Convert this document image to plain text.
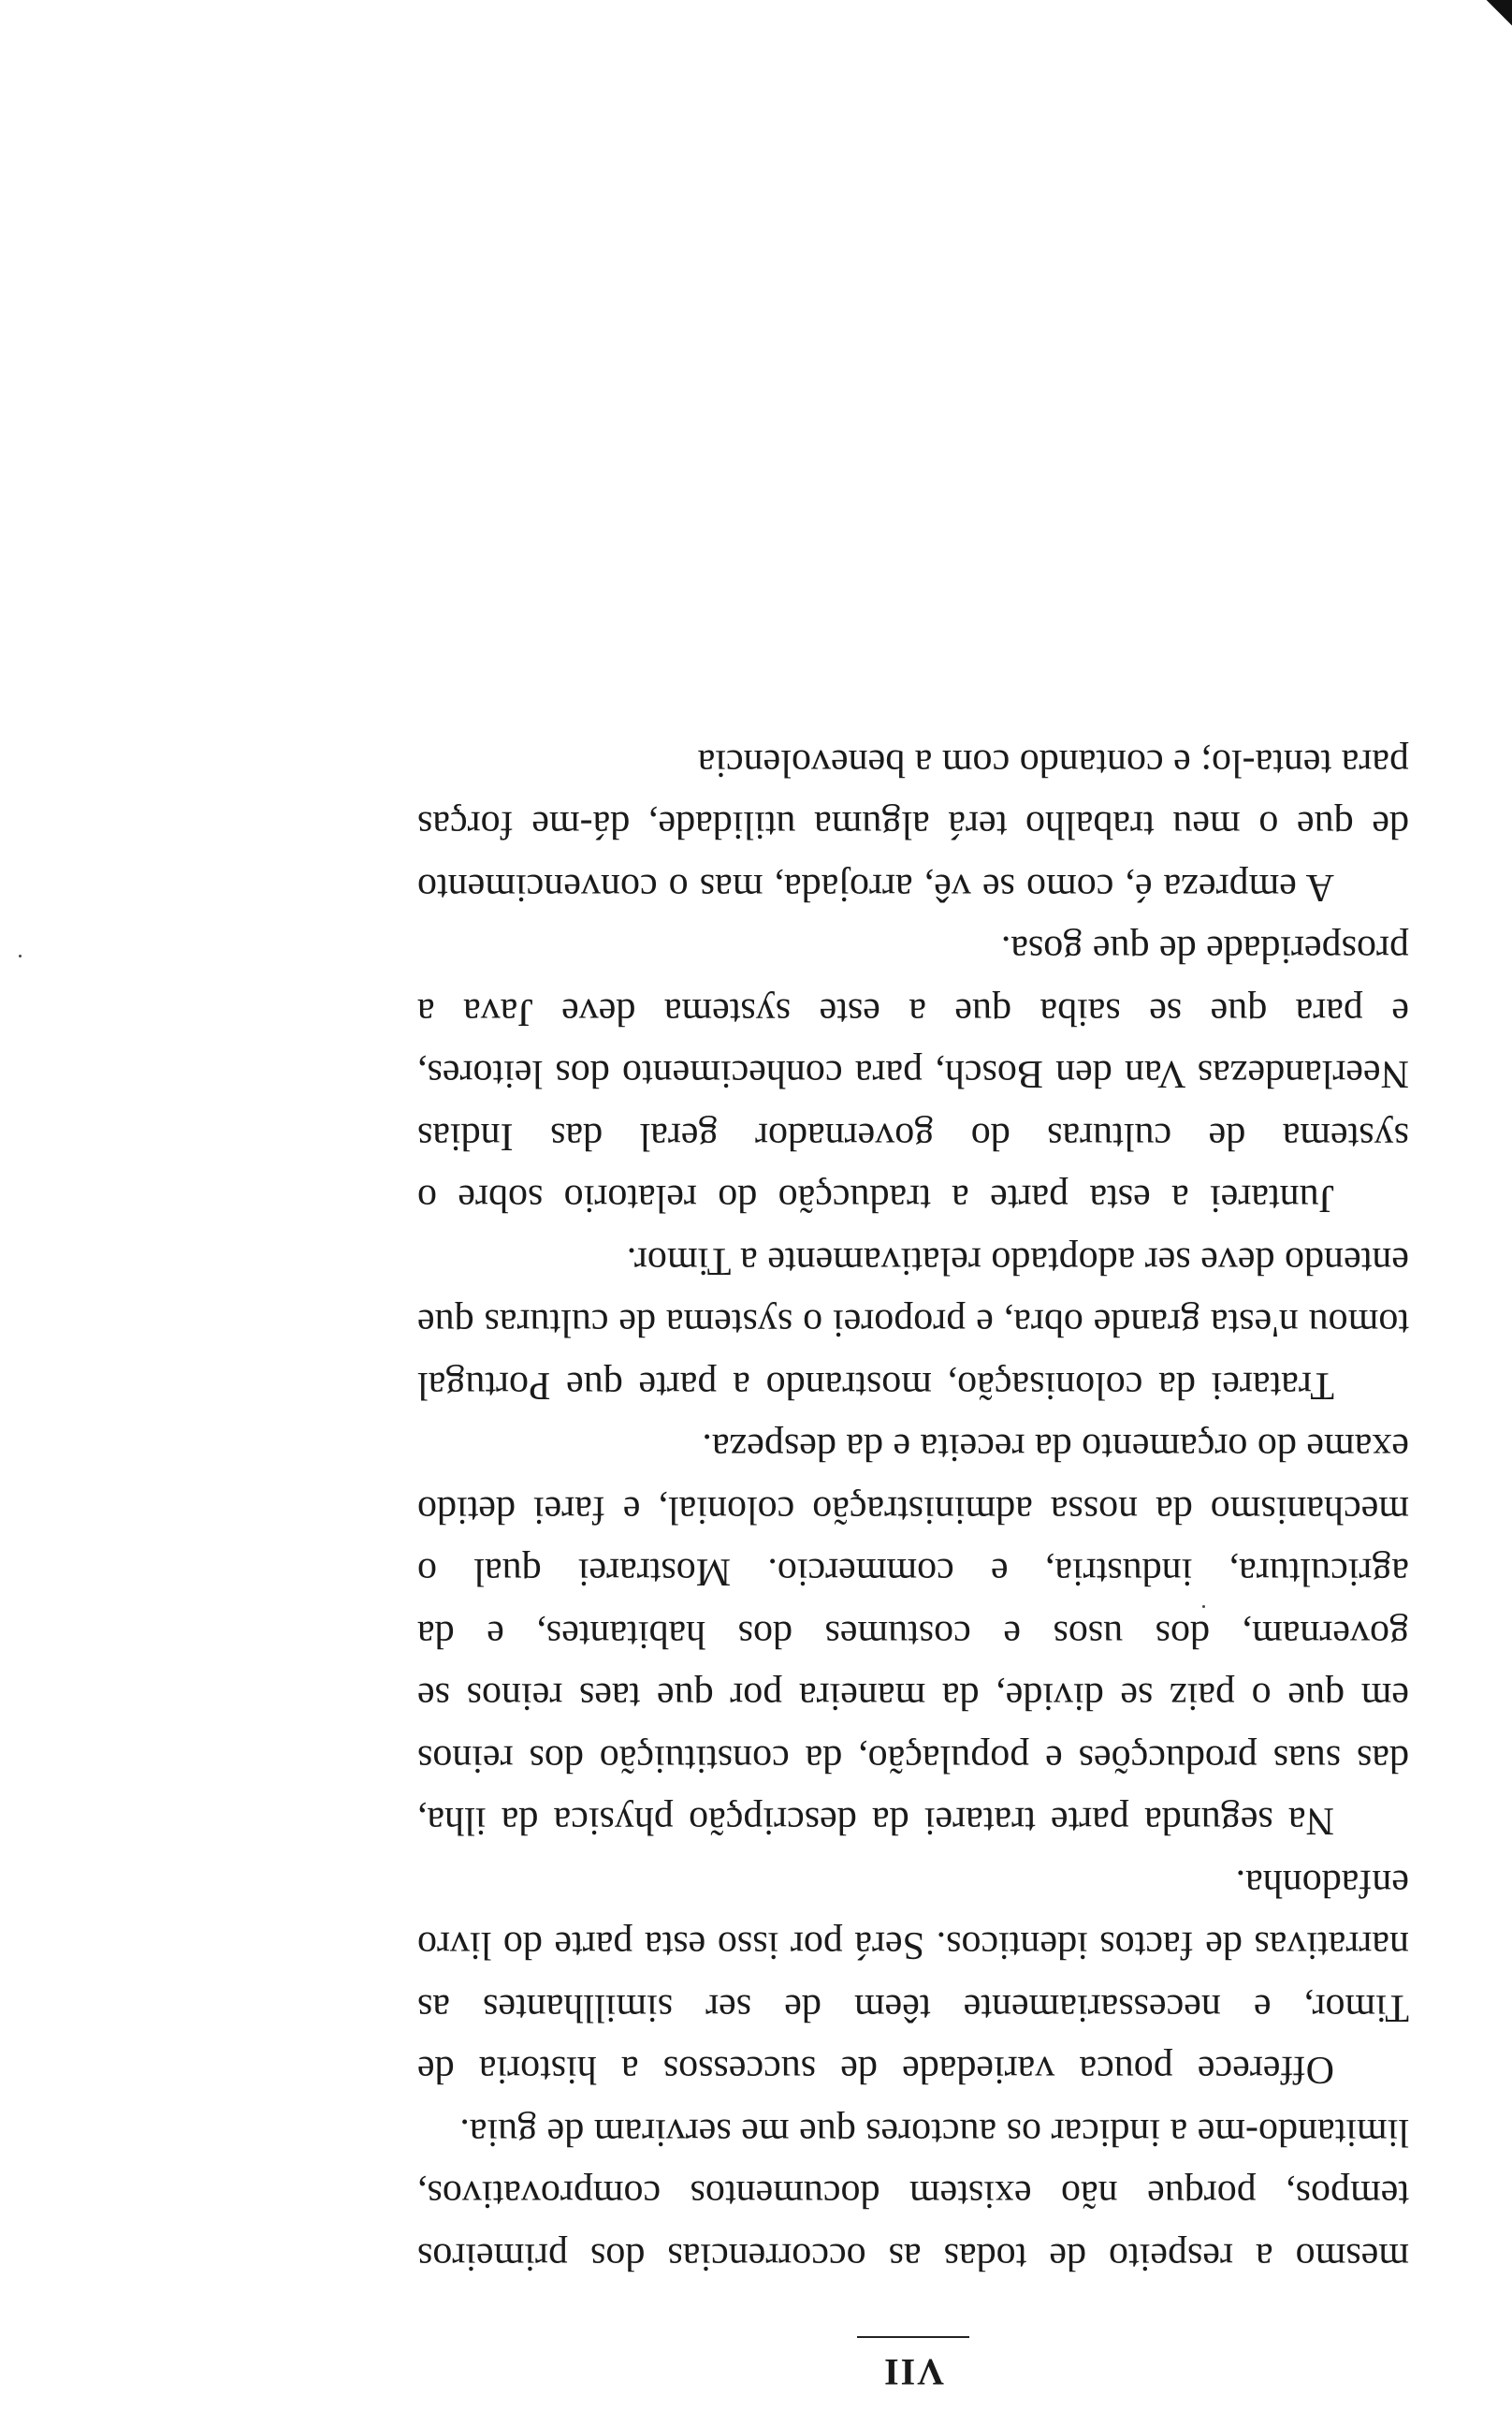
VII

mesmo a respeito de todas as occorrencias dos primeiros tempos, porque não existem documentos comprovativos, limitando-me a indicar os auctores que me serviram de guia.

Offerece pouca variedade de successos a historia de Timor, e necessariamente têem de ser simillhantes as narrativas de factos identicos. Será por isso esta parte do livro enfadonha.

Na segunda parte tratarei da descripção physica da ilha, das suas producções e população, da constituição dos reinos em que o paiz se divide, da maneira por que taes reinos se governam, dos usos e costumes dos habitantes, e da agricultura, industria, e commercio. Mostrarei qual o mechanismo da nossa administração colonial, e farei detido exame do orçamento da receita e da despeza.

Tratarei da colonisação, mostrando a parte que Portugal tomou n'esta grande obra, e proporei o systema de culturas que entendo deve ser adoptado relativamente a Timor.

Juntarei a esta parte a traducção do relatorio sobre o systema de culturas do governador geral das Indias Neerlandezas Van den Bosch, para conhecimento dos leitores, e para que se saiba que a este systema deve Java a prosperidade de que gosa.

A empreza é, como se vê, arrojada, mas o convencimento de que o meu trabalho terá alguma utilidade, dá-me forças para tenta-lo; e contando com a benevolencia
